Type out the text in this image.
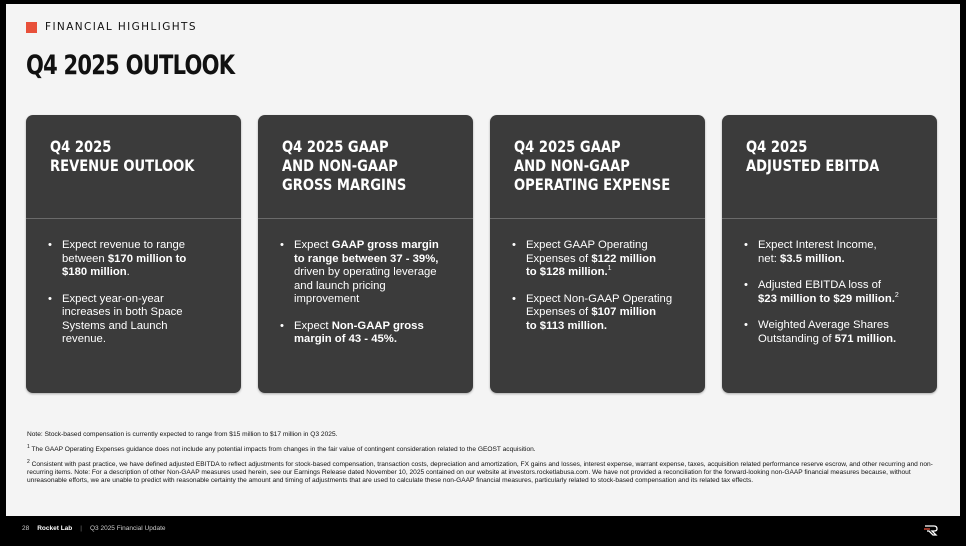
FINANCIAL HIGHLIGHTS
Q4 2025 OUTLOOK
Q4 2025
REVENUE OUTLOOK
• Expect revenue to range
between $170 million to
$180 million.
• Expect year-on-year
increases in both Space
Systems and Launch
revenue.
Q4 2025 GAAP
AND NON-GAAP
GROSS MARGINS
• Expect GAAP gross margin
to range between 37 - 39%,
driven by operating leverage
and launch pricing
improvement
• Expect Non-GAAP gross
margin of 43 - 45%.
Q4 2025 GAAP
AND NON-GAAP
OPERATING EXPENSE
• Expect GAAP Operating
Expenses of $122 million
to $128 million.$^1$
• Expect Non-GAAP Operating
Expenses of $107 million
to $113 million.
Q4 2025
ADJUSTED EBITDA
• Expect Interest Income,
net: $3.5 million.
• Adjusted EBITDA loss of
$23 million to $29 million.$^2$
• Weighted Average Shares
Outstanding of 571 million.

Note: Stock-based compensation is currently expected to range from $15 million to $17 million in Q3 2025.

$^1$ The GAAP Operating Expenses guidance does not include any potential impacts from changes in the fair value of contingent consideration related to the GEOST acquisition.

$^2$ Consistent with past practice, we have defined adjusted EBITDA to reflect adjustments for stock-based compensation, transaction costs, depreciation and amortization, FX gains and losses, interest expense, warrant expense, taxes, acquisition related performance reserve escrow, and other recurring and non-recurring items. Note: For a description of other Non-GAAP measures used herein, see our Earnings Release dated November 10, 2025 contained on our website at investors.rocketlabusa.com. We have not provided a reconciliation for the forward-looking non-GAAP financial measures because, without unreasonable efforts, we are unable to predict with reasonable certainty the amount and timing of adjustments that are used to calculate these non-GAAP financial measures, particularly related to stock-based compensation and its related tax effects.

28 Rocket Lab | Q3 2025 Financial Update
